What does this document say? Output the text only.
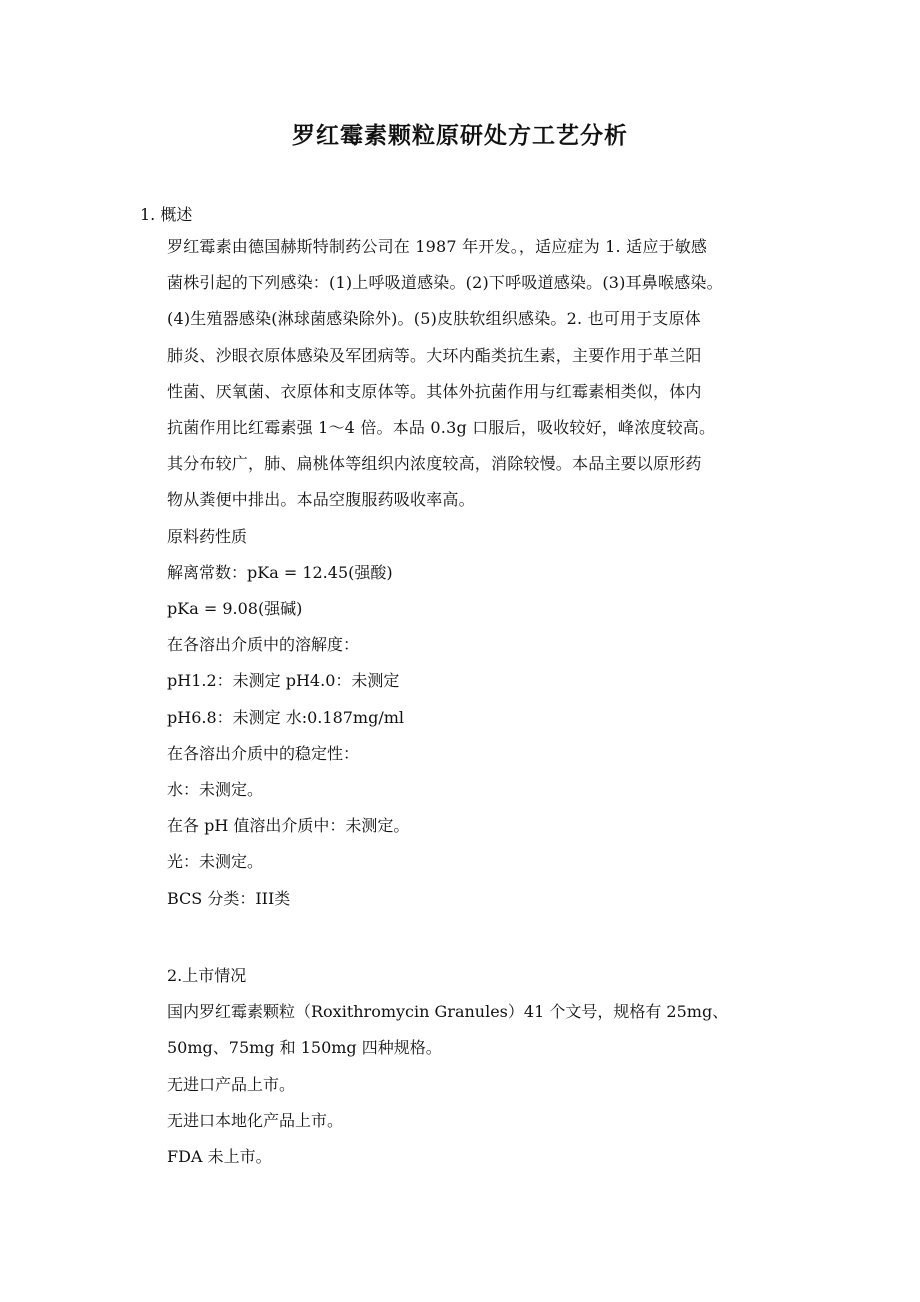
罗红霉素颗粒原研处方工艺分析
1. 概述

罗红霉素由德国赫斯特制药公司在 1987 年开发。，适应症为 1. 适应于敏感

菌株引起的下列感染：(1)上呼吸道感染。(2)下呼吸道感染。(3)耳鼻喉感染。

(4)生殖器感染(淋球菌感染除外)。(5)皮肤软组织感染。2. 也可用于支原体

肺炎、沙眼衣原体感染及军团病等。大环内酯类抗生素，主要作用于革兰阳

性菌、厌氧菌、衣原体和支原体等。其体外抗菌作用与红霉素相类似，体内

抗菌作用比红霉素强 1～4 倍。本品 0.3g 口服后，吸收较好，峰浓度较高。

其分布较广，肺、扁桃体等组织内浓度较高，消除较慢。本品主要以原形药

物从粪便中排出。本品空腹服药吸收率高。

原料药性质

解离常数：pKa = 12.45(强酸)

pKa = 9.08(强碱)

在各溶出介质中的溶解度：

pH1.2：未测定 pH4.0：未测定

pH6.8：未测定 水:0.187mg/ml

在各溶出介质中的稳定性：

水：未测定。

在各 pH 值溶出介质中：未测定。

光：未测定。

BCS 分类：III类

2.上市情况

国内罗红霉素颗粒（Roxithromycin Granules）41 个文号，规格有 25mg、

50mg、75mg 和 150mg 四种规格。

无进口产品上市。

无进口本地化产品上市。

FDA 未上市。
